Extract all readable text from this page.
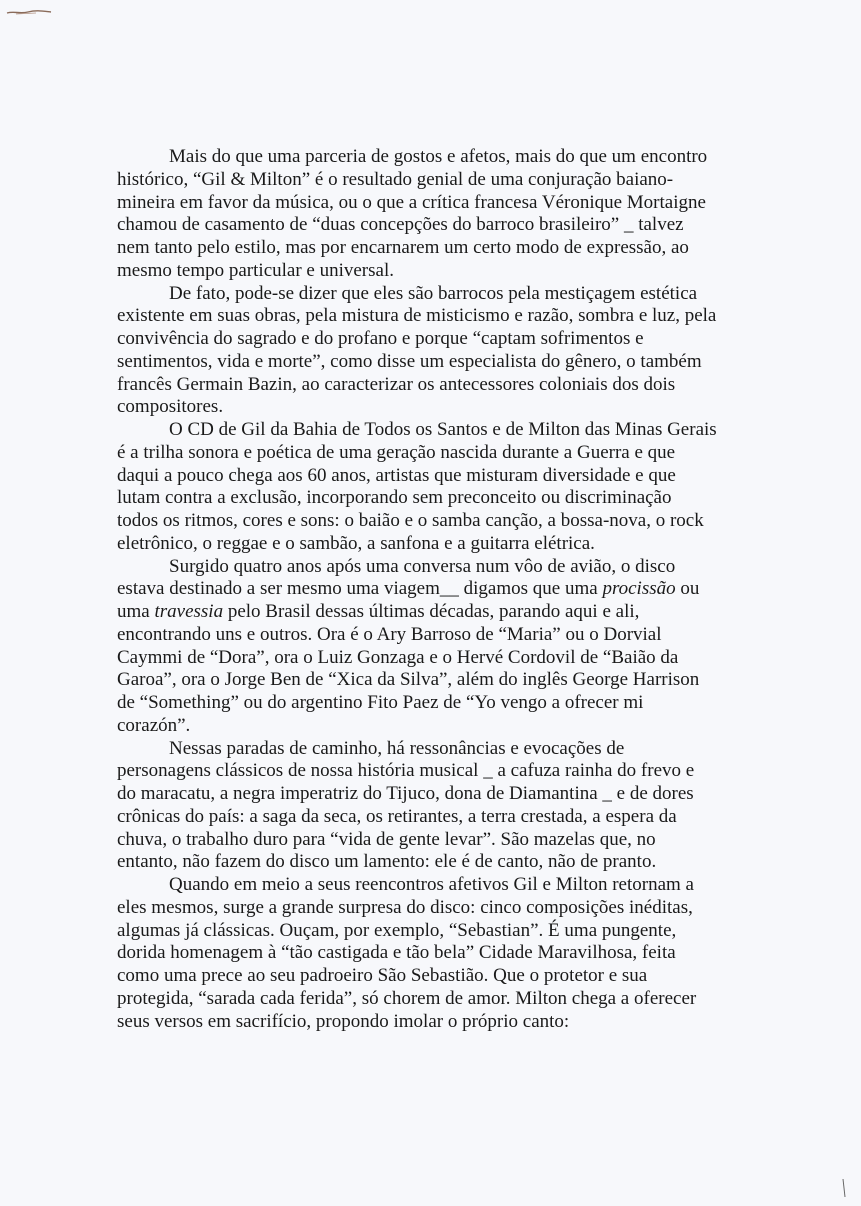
Mais do que uma parceria de gostos e afetos, mais do que um encontro
histórico, “Gil & Milton” é o resultado genial de uma conjuração baiano-
mineira em favor da música, ou o que a crítica francesa Véronique Mortaigne
chamou de casamento de “duas concepções do barroco brasileiro” _ talvez
nem tanto pelo estilo, mas por encarnarem um certo modo de expressão, ao
mesmo tempo particular e universal.

De fato, pode-se dizer que eles são barrocos pela mestiçagem estética
existente em suas obras, pela mistura de misticismo e razão, sombra e luz, pela
convivência do sagrado e do profano e porque “captam sofrimentos e
sentimentos, vida e morte”, como disse um especialista do gênero, o também
francês Germain Bazin, ao caracterizar os antecessores coloniais dos dois
compositores.

O CD de Gil da Bahia de Todos os Santos e de Milton das Minas Gerais
é a trilha sonora e poética de uma geração nascida durante a Guerra e que
daqui a pouco chega aos 60 anos, artistas que misturam diversidade e que
lutam contra a exclusão, incorporando sem preconceito ou discriminação
todos os ritmos, cores e sons: o baião e o samba canção, a bossa-nova, o rock
eletrônico, o reggae e o sambão, a sanfona e a guitarra elétrica.

Surgido quatro anos após uma conversa num vôo de avião, o disco
estava destinado a ser mesmo uma viagem__ digamos que uma procissão ou
uma travessia pelo Brasil dessas últimas décadas, parando aqui e ali,
encontrando uns e outros. Ora é o Ary Barroso de “Maria” ou o Dorvial
Caymmi de “Dora”, ora o Luiz Gonzaga e o Hervé Cordovil de “Baião da
Garoa”, ora o Jorge Ben de “Xica da Silva”, além do inglês George Harrison
de “Something” ou do argentino Fito Paez de “Yo vengo a ofrecer mi
corazón”.

Nessas paradas de caminho, há ressonâncias e evocações de
personagens clássicos de nossa história musical _ a cafuza rainha do frevo e
do maracatu, a negra imperatriz do Tijuco, dona de Diamantina _ e de dores
crônicas do país: a saga da seca, os retirantes, a terra crestada, a espera da
chuva, o trabalho duro para “vida de gente levar”. São mazelas que, no
entanto, não fazem do disco um lamento: ele é de canto, não de pranto.

Quando em meio a seus reencontros afetivos Gil e Milton retornam a
eles mesmos, surge a grande surpresa do disco: cinco composições inéditas,
algumas já clássicas. Ouçam, por exemplo, “Sebastian”. É uma pungente,
dorida homenagem à “tão castigada e tão bela” Cidade Maravilhosa, feita
como uma prece ao seu padroeiro São Sebastião. Que o protetor e sua
protegida, “sarada cada ferida”, só chorem de amor. Milton chega a oferecer
seus versos em sacrifício, propondo imolar o próprio canto:
